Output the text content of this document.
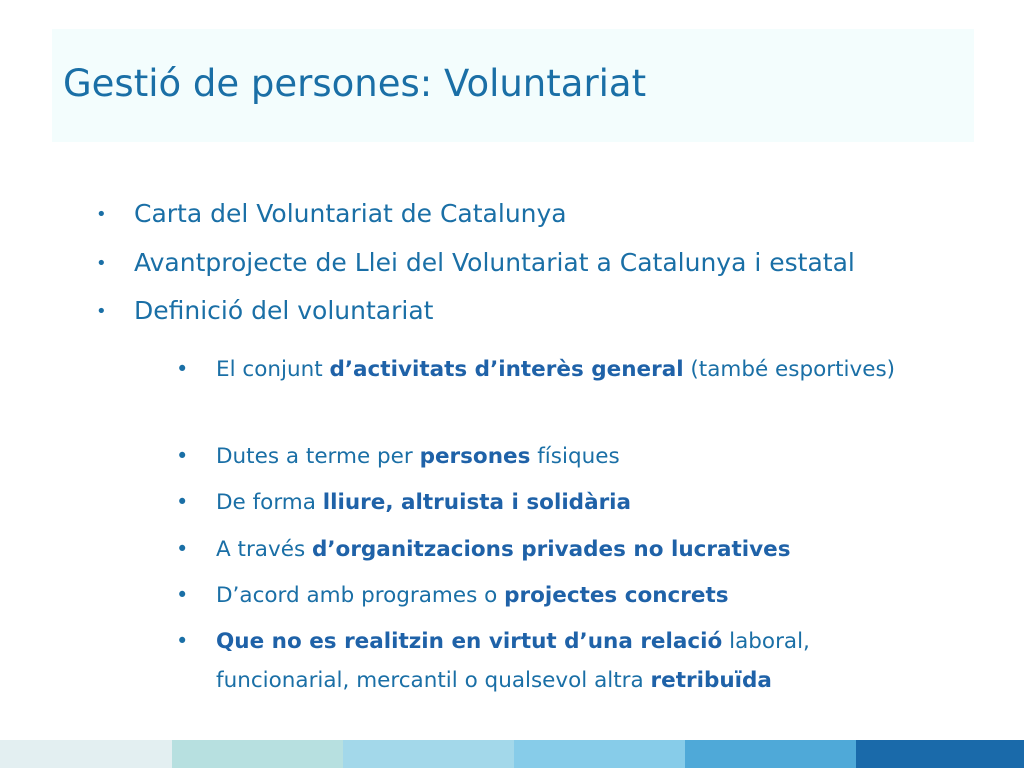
Gestió de persones: Voluntariat
• Carta del Voluntariat de Catalunya
• Avantprojecte de Llei del Voluntariat a Catalunya i estatal
• Definició del voluntariat
• El conjunt d’activitats d’interès general (també esportives)
• Dutes a terme per persones físiques
• De forma lliure, altruista i solidària
• A través d’organitzacions privades no lucratives
• D’acord amb programes o projectes concrets
• Que no es realitzin en virtut d’una relació laboral, funcionarial, mercantil o qualsevol altra retribuïda
